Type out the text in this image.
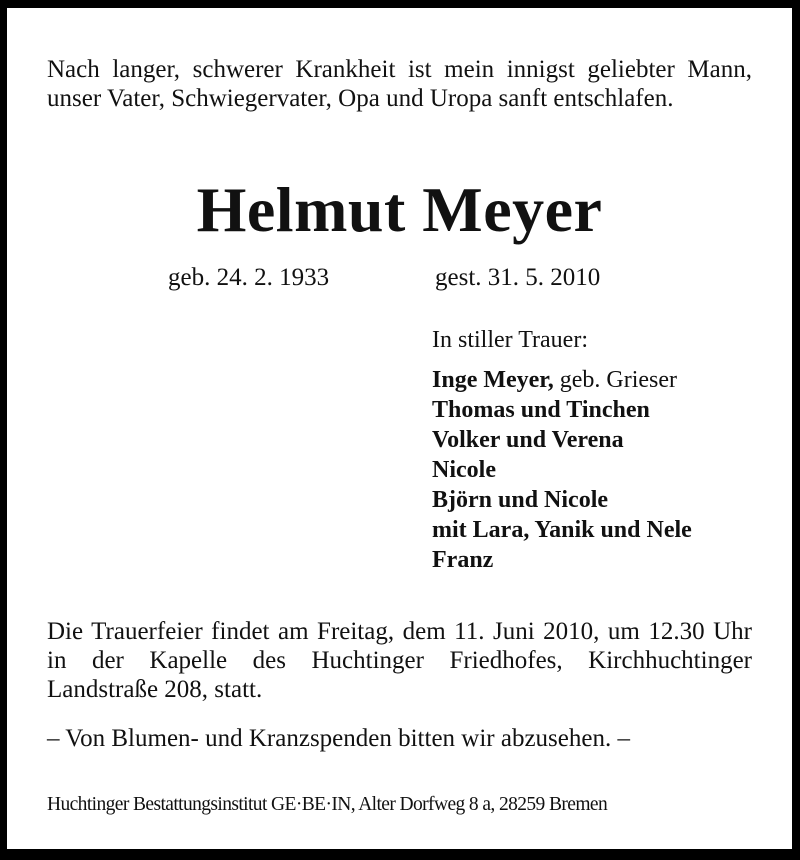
Nach langer, schwerer Krankheit ist mein innigst geliebter Mann, unser Vater, Schwiegervater, Opa und Uropa sanft entschlafen.
Helmut Meyer
geb. 24. 2. 1933	gest. 31. 5. 2010
In stiller Trauer:
Inge Meyer, geb. Grieser
Thomas und Tinchen
Volker und Verena
Nicole
Björn und Nicole
mit Lara, Yanik und Nele
Franz
Die Trauerfeier findet am Freitag, dem 11. Juni 2010, um 12.30 Uhr in der Kapelle des Huchtinger Friedhofes, Kirchhuchtinger Landstraße 208, statt.
– Von Blumen- und Kranzspenden bitten wir abzusehen. –
Huchtinger Bestattungsinstitut GE·BE·IN, Alter Dorfweg 8 a, 28259 Bremen
